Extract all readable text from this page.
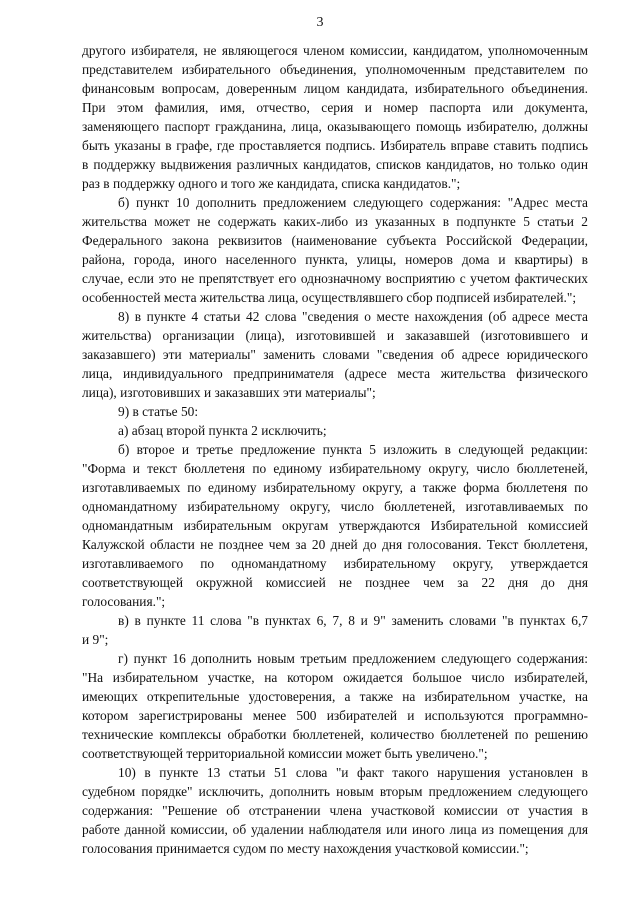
3

другого избирателя, не являющегося членом комиссии, кандидатом, уполномоченным

представителем избирательного объединения, уполномоченным представителем по

финансовым вопросам, доверенным лицом кандидата, избирательного объединения.

При этом фамилия, имя, отчество, серия и номер паспорта или документа,

заменяющего паспорт гражданина, лица, оказывающего помощь избирателю, должны

быть указаны в графе, где проставляется подпись. Избиратель вправе ставить подпись

в поддержку выдвижения различных кандидатов, списков кандидатов, но только один

раз в поддержку одного и того же кандидата, списка кандидатов.";

б) пункт 10 дополнить предложением следующего содержания: "Адрес места

жительства может не содержать каких-либо из указанных в подпункте 5 статьи 2

Федерального закона реквизитов (наименование субъекта Российской Федерации,

района, города, иного населенного пункта, улицы, номеров дома и квартиры) в

случае, если это не препятствует его однозначному восприятию с учетом фактических

особенностей места жительства лица, осуществлявшего сбор подписей избирателей.";

8) в пункте 4 статьи 42 слова "сведения о месте нахождения (об адресе места

жительства) организации (лица), изготовившей и заказавшей (изготовившего и

заказавшего) эти материалы" заменить словами "сведения об адресе юридического

лица, индивидуального предпринимателя (адресе места жительства физического

лица), изготовивших и заказавших эти материалы";

9) в статье 50:

а) абзац второй пункта 2 исключить;

б) второе и третье предложение пункта 5 изложить в следующей редакции:

"Форма и текст бюллетеня по единому избирательному округу, число бюллетеней,

изготавливаемых по единому избирательному округу, а также форма бюллетеня по

одномандатному избирательному округу, число бюллетеней, изготавливаемых по

одномандатным избирательным округам утверждаются Избирательной комиссией

Калужской области не позднее чем за 20 дней до дня голосования. Текст бюллетеня,

изготавливаемого по одномандатному избирательному округу, утверждается

соответствующей окружной комиссией не позднее чем за 22 дня до дня

голосования.";

в) в пункте 11 слова "в пунктах 6, 7, 8 и 9" заменить словами "в пунктах 6,7

и 9";

г) пункт 16 дополнить новым третьим предложением следующего содержания:

"На избирательном участке, на котором ожидается большое число избирателей,

имеющих открепительные удостоверения, а также на избирательном участке, на

котором зарегистрированы менее 500 избирателей и используются программно-

технические комплексы обработки бюллетеней, количество бюллетеней по решению

соответствующей территориальной комиссии может быть увеличено.";

10) в пункте 13 статьи 51 слова "и факт такого нарушения установлен в

судебном порядке" исключить, дополнить новым вторым предложением следующего

содержания: "Решение об отстранении члена участковой комиссии от участия в

работе данной комиссии, об удалении наблюдателя или иного лица из помещения для

голосования принимается судом по месту нахождения участковой комиссии.";
